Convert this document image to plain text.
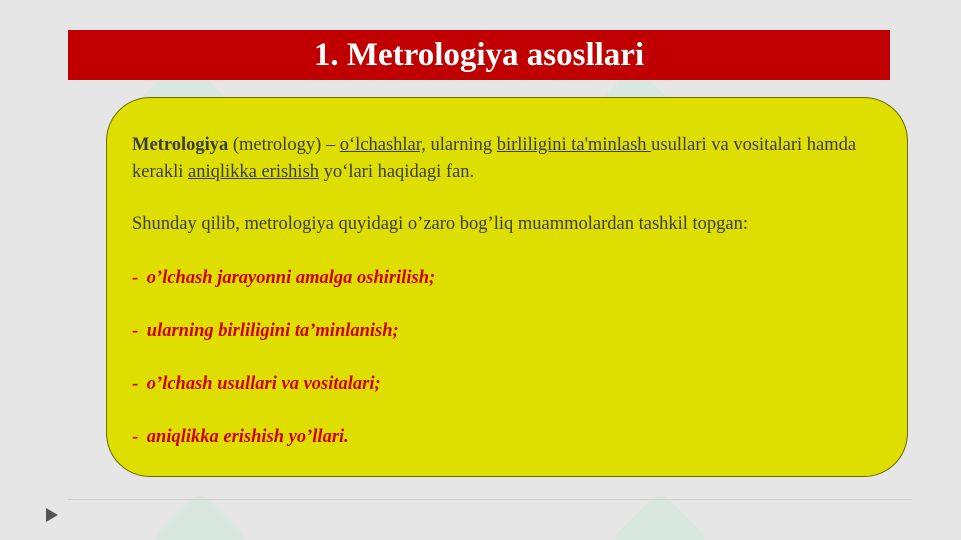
1. Metrologiya asosllari

Metrologiya (metrology) – oʻlchashlar, ularning birliligini ta'minlash usullari va vositalari hamda kerakli aniqlikka erishish yoʻlari haqidagi fan.

Shunday qilib, metrologiya quyidagi oʼzaro bogʼliq muammolardan tashkil topgan:

- oʼlchash jarayonni amalga oshirilish;
- ularning birliligini taʼminlanish;
- oʼlchash usullari va vositalari;
- aniqlikka erishish yoʼllari.
